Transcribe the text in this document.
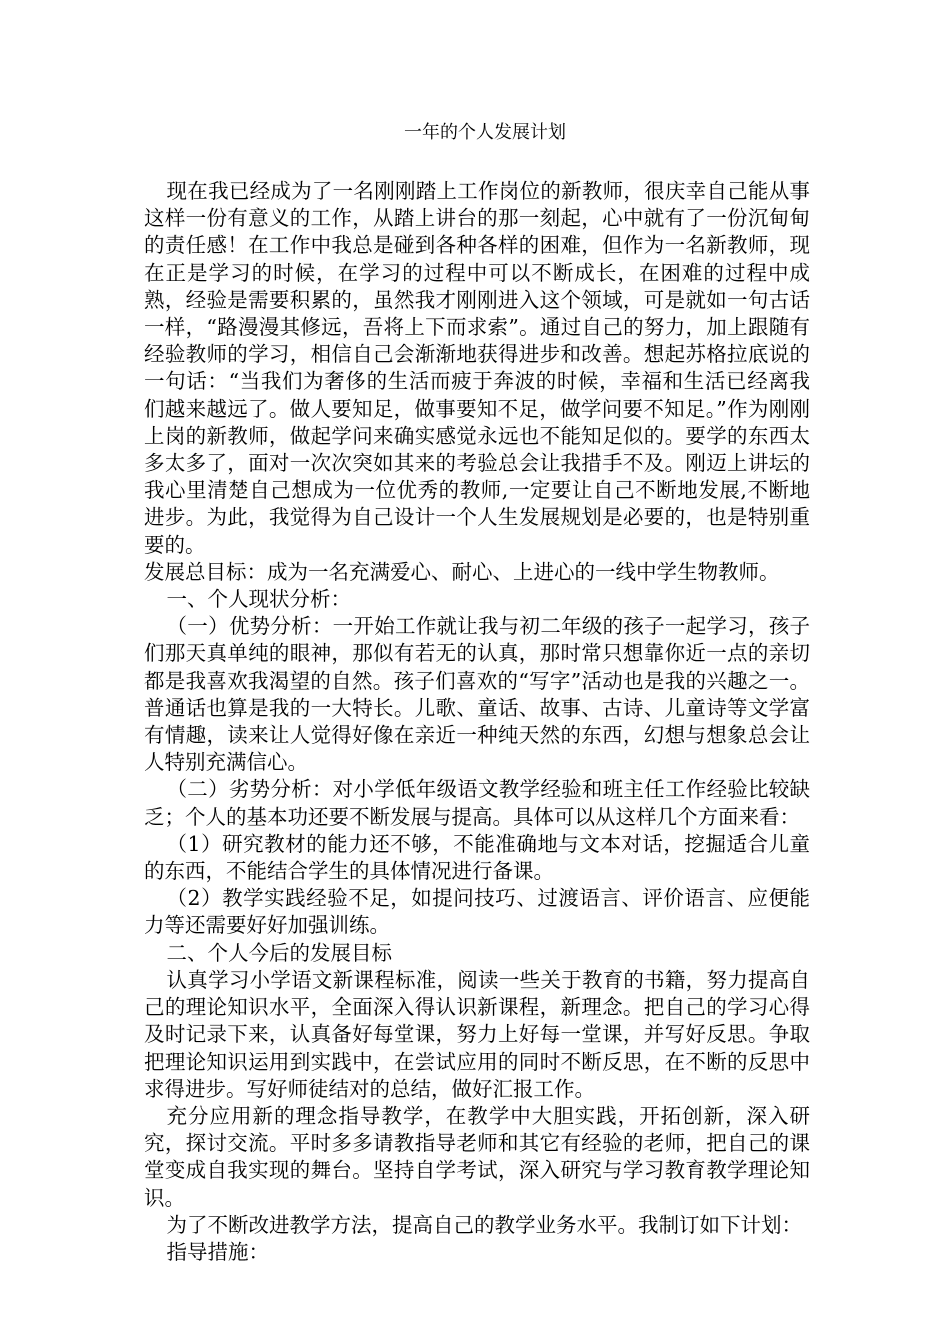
一年的个人发展计划

现在我已经成为了一名刚刚踏上工作岗位的新教师，很庆幸自己能从事这样一份有意义的工作，从踏上讲台的那一刻起，心中就有了一份沉甸甸的责任感！在工作中我总是碰到各种各样的困难，但作为一名新教师，现在正是学习的时候，在学习的过程中可以不断成长，在困难的过程中成熟，经验是需要积累的，虽然我才刚刚进入这个领域，可是就如一句古话一样，“路漫漫其修远，吾将上下而求索”。通过自己的努力，加上跟随有经验教师的学习，相信自己会渐渐地获得进步和改善。想起苏格拉底说的一句话：“当我们为奢侈的生活而疲于奔波的时候，幸福和生活已经离我们越来越远了。做人要知足，做事要知不足，做学问要不知足。”作为刚刚上岗的新教师，做起学问来确实感觉永远也不能知足似的。要学的东西太多太多了，面对一次次突如其来的考验总会让我措手不及。刚迈上讲坛的我心里清楚自己想成为一位优秀的教师,一定要让自己不断地发展,不断地进步。为此，我觉得为自己设计一个人生发展规划是必要的，也是特别重要的。

发展总目标：成为一名充满爱心、耐心、上进心的一线中学生物教师。

一、个人现状分析：

（一）优势分析：一开始工作就让我与初二年级的孩子一起学习，孩子们那天真单纯的眼神，那似有若无的认真，那时常只想靠你近一点的亲切都是我喜欢我渴望的自然。孩子们喜欢的“写字”活动也是我的兴趣之一。普通话也算是我的一大特长。儿歌、童话、故事、古诗、儿童诗等文学富有情趣，读来让人觉得好像在亲近一种纯天然的东西，幻想与想象总会让人特别充满信心。

（二）劣势分析：对小学低年级语文教学经验和班主任工作经验比较缺乏；个人的基本功还要不断发展与提高。具体可以从这样几个方面来看：

（1）研究教材的能力还不够，不能准确地与文本对话，挖掘适合儿童的东西，不能结合学生的具体情况进行备课。

（2）教学实践经验不足，如提问技巧、过渡语言、评价语言、应便能力等还需要好好加强训练。

二、个人今后的发展目标

认真学习小学语文新课程标准，阅读一些关于教育的书籍，努力提高自己的理论知识水平，全面深入得认识新课程，新理念。把自己的学习心得及时记录下来，认真备好每堂课，努力上好每一堂课，并写好反思。争取把理论知识运用到实践中，在尝试应用的同时不断反思，在不断的反思中求得进步。写好师徒结对的总结，做好汇报工作。

充分应用新的理念指导教学，在教学中大胆实践，开拓创新，深入研究，探讨交流。平时多多请教指导老师和其它有经验的老师，把自己的课堂变成自我实现的舞台。坚持自学考试，深入研究与学习教育教学理论知识。

为了不断改进教学方法，提高自己的教学业务水平。我制订如下计划：

指导措施：
